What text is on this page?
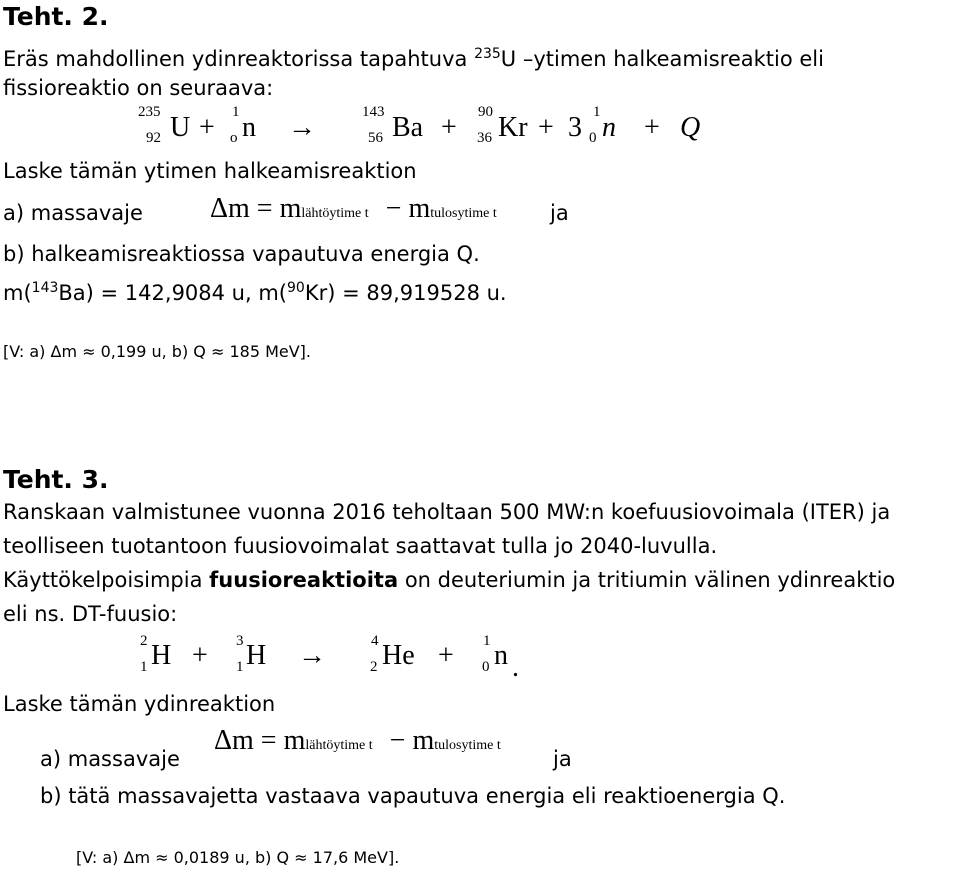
Teht. 2.
Eräs mahdollinen ydinreaktorissa tapahtuva $^{235}$U –ytimen halkeamisreaktio eli
fissioreaktio on seuraava:
235
92 U + 1
o n →	143
56 Ba + 90
36 Kr + 3 1
0 n + Q
Laske tämän ytimen halkeamisreaktion
a) massavaje Δm = mlähtöytime t − mtulosytime t	ja
b) halkeamisreaktiossa vapautuva energia Q.
m($^{143}$Ba) = 142,9084 u, m($^{90}$Kr) = 89,919528 u.
[V: a) Δm ≈ 0,199 u, b) Q ≈ 185 MeV].
Teht. 3.
Ranskaan valmistunee vuonna 2016 teholtaan 500 MW:n koefuusiovoimala (ITER) ja
teolliseen tuotantoon fuusiovoimalat saattavat tulla jo 2040-luvulla.
Käyttökelpoisimpia fuusioreaktioita on deuteriumin ja tritiumin välinen ydinreaktio
eli ns. DT-fuusio:
2
1 H + 3
1 H →	4
2 He + 1
0 n .
Laske tämän ydinreaktion
Δm = mlähtöytime t − mtulosytime t
a) massavaje	ja
b) tätä massavajetta vastaava vapautuva energia eli reaktioenergia Q.
[V: a) Δm ≈ 0,0189 u, b) Q ≈ 17,6 MeV].
